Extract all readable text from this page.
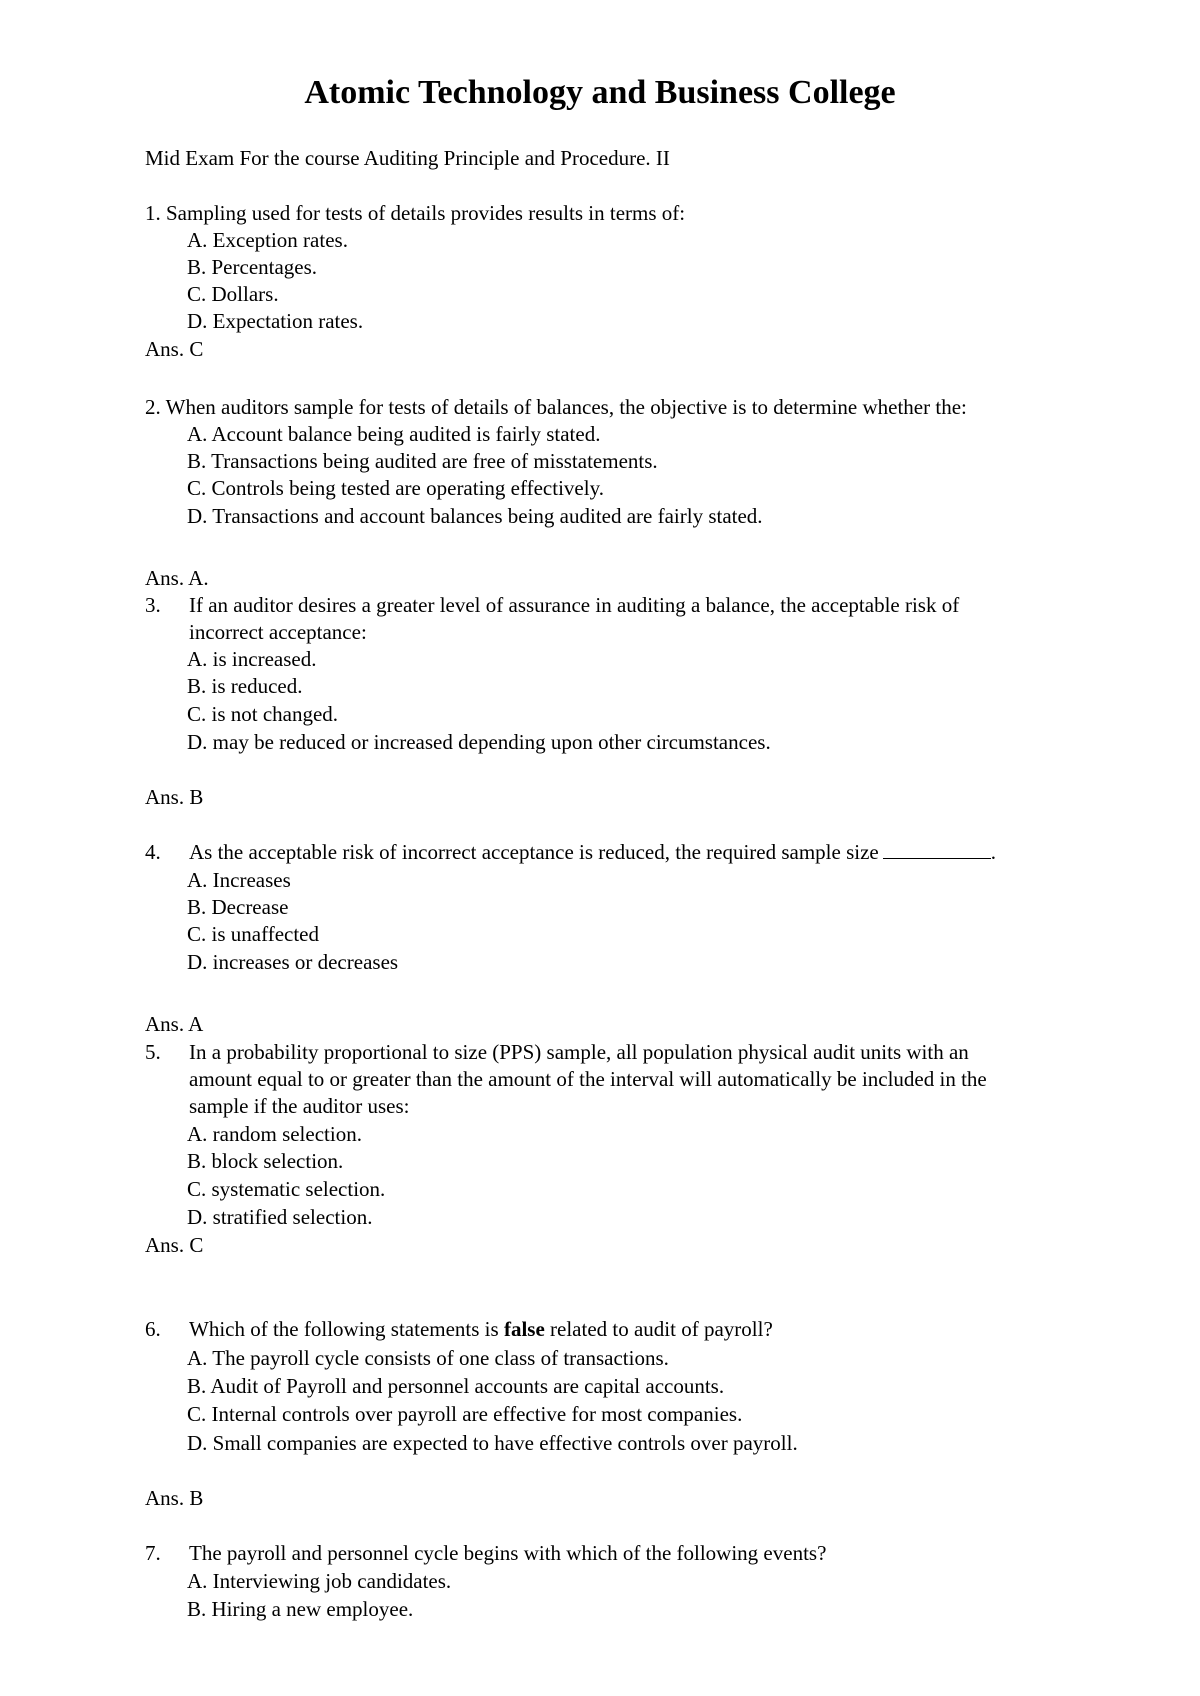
Atomic Technology and Business College
Mid Exam For the course Auditing Principle and Procedure. II
1. Sampling used for tests of details provides results in terms of:
A. Exception rates.
B. Percentages.
C. Dollars.
D. Expectation rates.
Ans. C
2. When auditors sample for tests of details of balances, the objective is to determine whether the:
A. Account balance being audited is fairly stated.
B. Transactions being audited are free of misstatements.
C. Controls being tested are operating effectively.
D. Transactions and account balances being audited are fairly stated.
Ans. A.
3. If an auditor desires a greater level of assurance in auditing a balance, the acceptable risk of
incorrect acceptance:
A. is increased.
B. is reduced.
C. is not changed.
D. may be reduced or increased depending upon other circumstances.
Ans. B
4. As the acceptable risk of incorrect acceptance is reduced, the required sample size	.
A. Increases
B. Decrease
C. is unaffected
D. increases or decreases
Ans. A
5. In a probability proportional to size (PPS) sample, all population physical audit units with an
amount equal to or greater than the amount of the interval will automatically be included in the
sample if the auditor uses:
A. random selection.
B. block selection.
C. systematic selection.
D. stratified selection.
Ans. C
6. Which of the following statements is false related to audit of payroll?
A. The payroll cycle consists of one class of transactions.
B. Audit of Payroll and personnel accounts are capital accounts.
C. Internal controls over payroll are effective for most companies.
D. Small companies are expected to have effective controls over payroll.
Ans. B
7. The payroll and personnel cycle begins with which of the following events?
A. Interviewing job candidates.
B. Hiring a new employee.
